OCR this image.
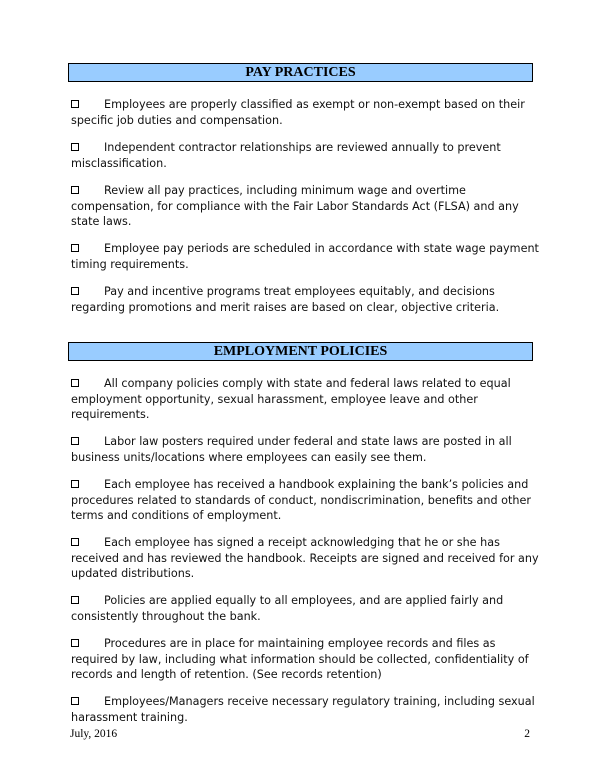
PAY PRACTICES

Employees are properly classified as exempt or non-exempt based on their specific job duties and compensation.

Independent contractor relationships are reviewed annually to prevent misclassification.

Review all pay practices, including minimum wage and overtime compensation, for compliance with the Fair Labor Standards Act (FLSA) and any state laws.

Employee pay periods are scheduled in accordance with state wage payment timing requirements.

Pay and incentive programs treat employees equitably, and decisions regarding promotions and merit raises are based on clear, objective criteria.

EMPLOYMENT POLICIES

All company policies comply with state and federal laws related to equal employment opportunity, sexual harassment, employee leave and other requirements.

Labor law posters required under federal and state laws are posted in all business units/locations where employees can easily see them.

Each employee has received a handbook explaining the bank’s policies and procedures related to standards of conduct, nondiscrimination, benefits and other terms and conditions of employment.

Each employee has signed a receipt acknowledging that he or she has received and has reviewed the handbook. Receipts are signed and received for any updated distributions.

Policies are applied equally to all employees, and are applied fairly and consistently throughout the bank.

Procedures are in place for maintaining employee records and files as required by law, including what information should be collected, confidentiality of records and length of retention. (See records retention)

Employees/Managers receive necessary regulatory training, including sexual harassment training.

July, 2016	2
